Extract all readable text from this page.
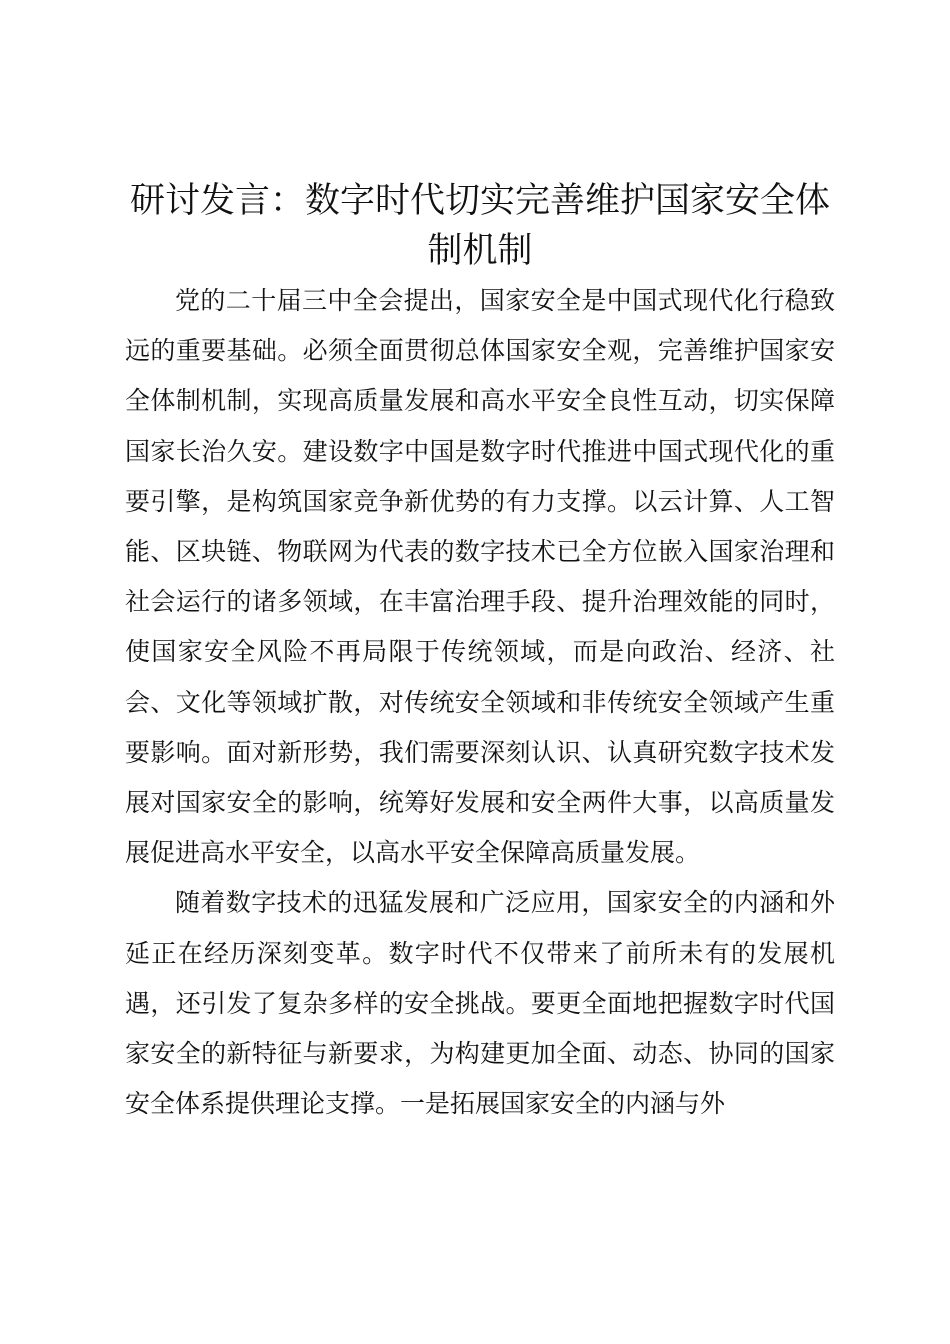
研讨发言：数字时代切实完善维护国家安全体制机制

党的二十届三中全会提出，国家安全是中国式现代化行稳致远的重要基础。必须全面贯彻总体国家安全观，完善维护国家安全体制机制，实现高质量发展和高水平安全良性互动，切实保障国家长治久安。建设数字中国是数字时代推进中国式现代化的重要引擎，是构筑国家竞争新优势的有力支撑。以云计算、人工智能、区块链、物联网为代表的数字技术已全方位嵌入国家治理和社会运行的诸多领域，在丰富治理手段、提升治理效能的同时，使国家安全风险不再局限于传统领域，而是向政治、经济、社会、文化等领域扩散，对传统安全领域和非传统安全领域产生重要影响。面对新形势，我们需要深刻认识、认真研究数字技术发展对国家安全的影响，统筹好发展和安全两件大事，以高质量发展促进高水平安全，以高水平安全保障高质量发展。

随着数字技术的迅猛发展和广泛应用，国家安全的内涵和外延正在经历深刻变革。数字时代不仅带来了前所未有的发展机遇，还引发了复杂多样的安全挑战。要更全面地把握数字时代国家安全的新特征与新要求，为构建更加全面、动态、协同的国家安全体系提供理论支撑。一是拓展国家安全的内涵与外
